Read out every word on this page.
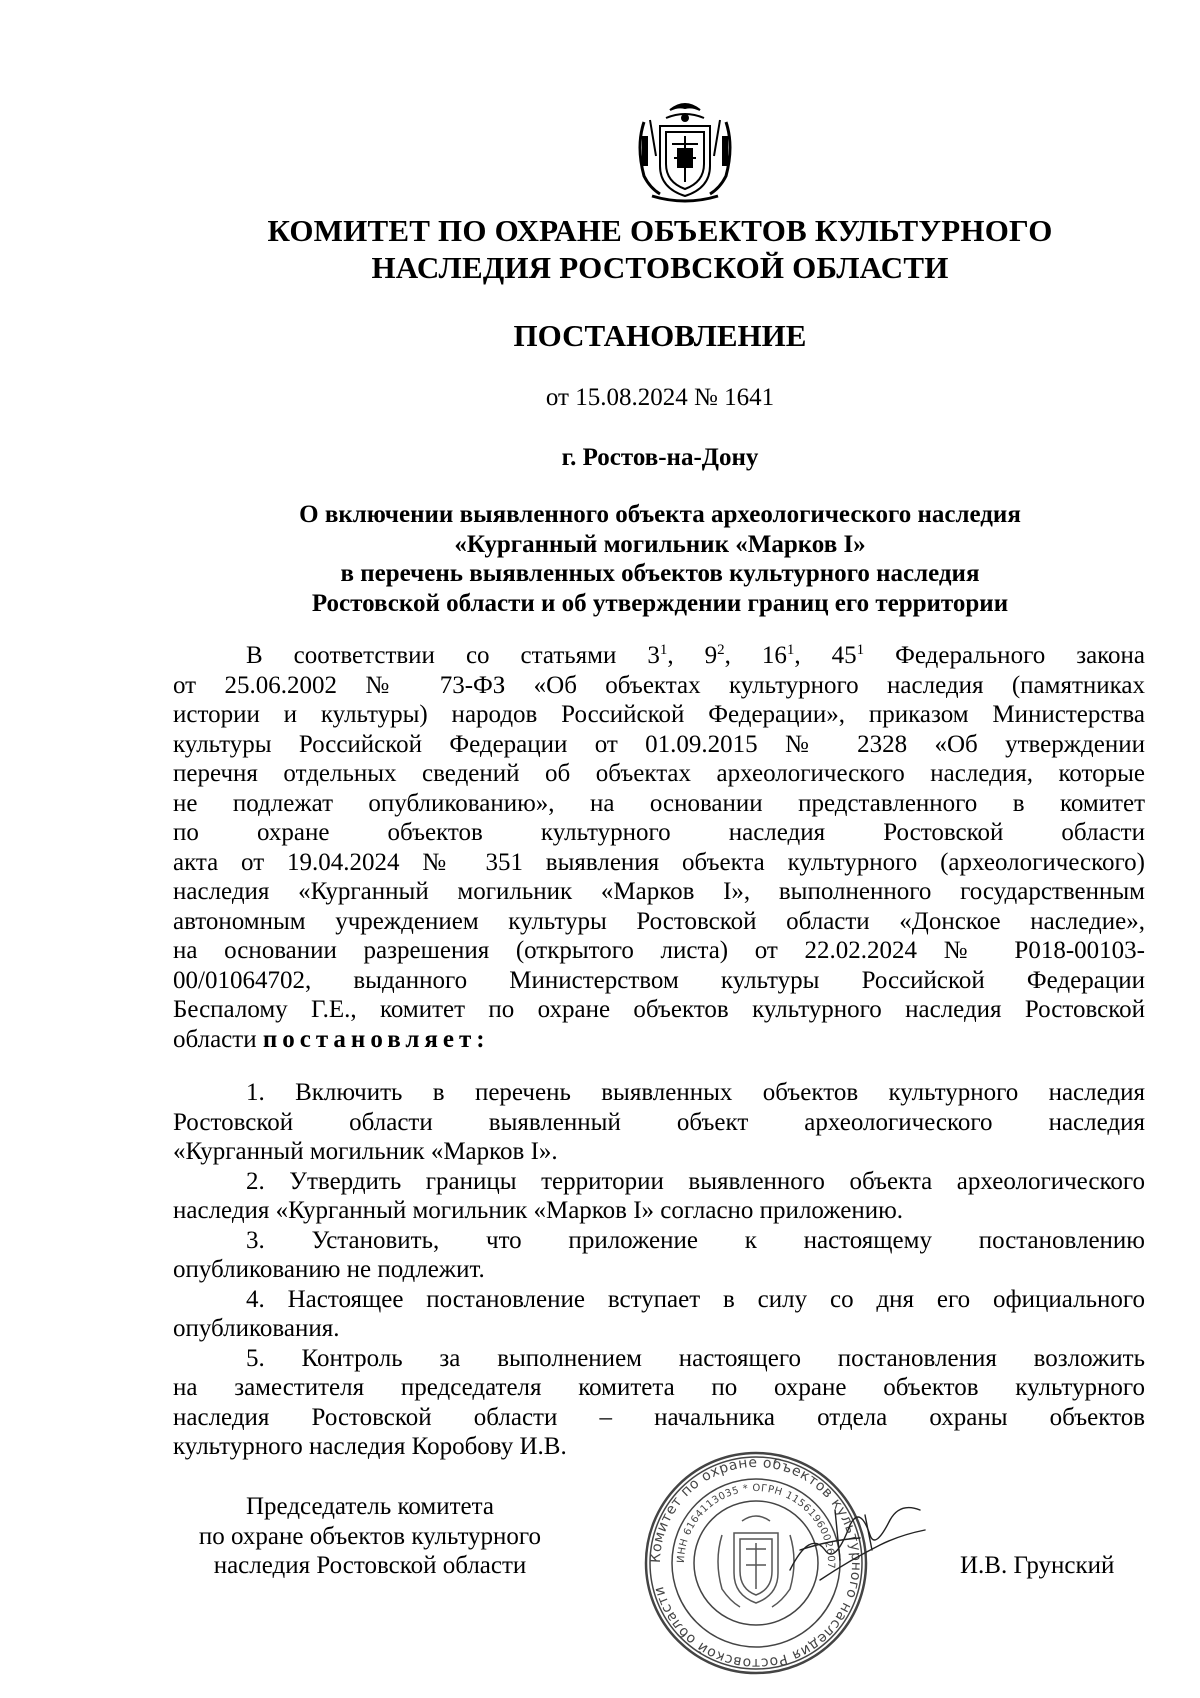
КОМИТЕТ ПО ОХРАНЕ ОБЪЕКТОВ КУЛЬТУРНОГО
НАСЛЕДИЯ РОСТОВСКОЙ ОБЛАСТИ
ПОСТАНОВЛЕНИЕ
от 15.08.2024 № 1641
г. Ростов-на-Дону
О включении выявленного объекта археологического наследия
«Курганный могильник «Марков I»
в перечень выявленных объектов культурного наследия
Ростовской области и об утверждении границ его территории
В соответствии со статьями $3^1$, $9^2$, $16^1$, $45^1$ Федерального закона
от 25.06.2002 № 73-ФЗ «Об объектах культурного наследия (памятниках
истории и культуры) народов Российской Федерации», приказом Министерства
культуры Российской Федерации от 01.09.2015 № 2328 «Об утверждении
перечня отдельных сведений об объектах археологического наследия, которые
не подлежат опубликованию», на основании представленного в комитет
по охране объектов культурного наследия Ростовской области
акта от 19.04.2024 № 351 выявления объекта культурного (археологического)
наследия «Курганный могильник «Марков I», выполненного государственным
автономным учреждением культуры Ростовской области «Донское наследие»,
на основании разрешения (открытого листа) от 22.02.2024 № P018-00103-
00/01064702, выданного Министерством культуры Российской Федерации
Беспалому Г.Е., комитет по охране объектов культурного наследия Ростовской
области постановляет:
1. Включить в перечень выявленных объектов культурного наследия
Ростовской области выявленный объект археологического наследия
«Курганный могильник «Марков I».
2. Утвердить границы территории выявленного объекта археологического
наследия «Курганный могильник «Марков I» согласно приложению.
3. Установить, что приложение к настоящему постановлению
опубликованию не подлежит.
4. Настоящее постановление вступает в силу со дня его официального
опубликования.
5. Контроль за выполнением настоящего постановления возложить
на заместителя председателя комитета по охране объектов культурного
наследия Ростовской области – начальника отдела охраны объектов
культурного наследия Коробову И.В.
Председатель комитета
по охране объектов культурного
наследия Ростовской области	Комитет по охране объектов культурного наследия Ростовской области
ИНН 6164113035 * ОГРН 1156196002607	И.В. Грунский
